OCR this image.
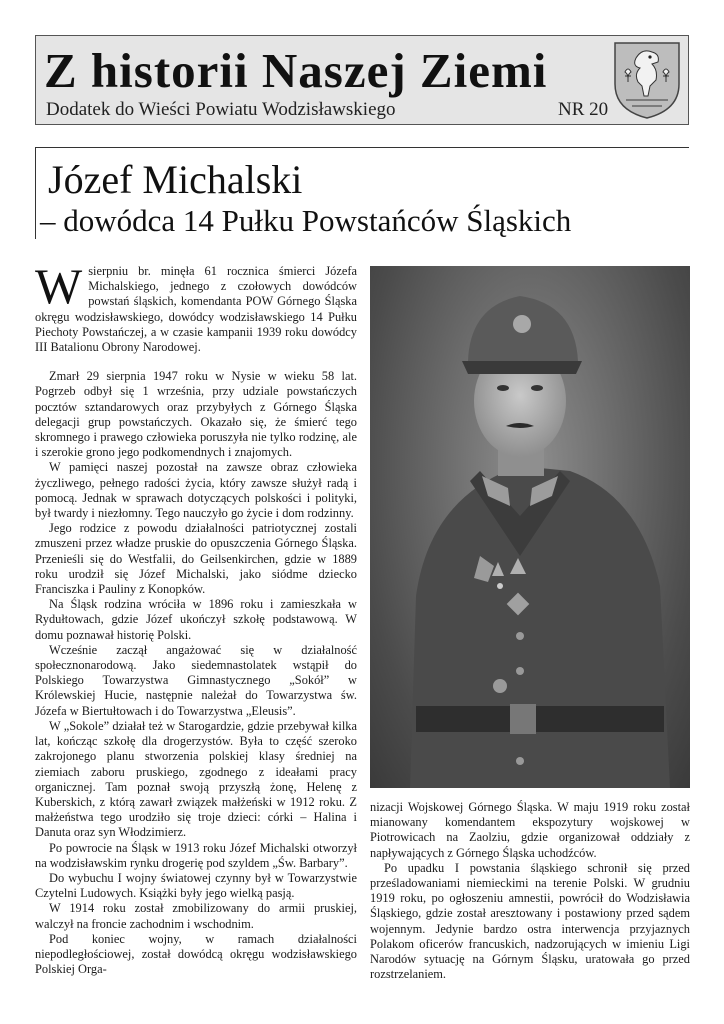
Z historii Naszej Ziemi
Dodatek do Wieści Powiatu Wodzisławskiego	NR 20
Józef Michalski
– dowódca 14 Pułku Powstańców Śląskich

Wsierpniu br. minęła 61 rocznica śmierci Józefa Michalskiego, jednego z czołowych dowódców powstań śląskich, komendanta POW Górnego Śląska okręgu wodzisławskiego, dowódcy wodzisławskiego 14 Pułku Piechoty Powstańczej, a w czasie kampanii 1939 roku dowódcy III Batalionu Obrony Narodowej.

Zmarł 29 sierpnia 1947 roku w Nysie w wieku 58 lat. Pogrzeb odbył się 1 września, przy udziale powstańczych pocztów sztandarowych oraz przybyłych z Górnego Śląska delegacji grup powstańczych. Okazało się, że śmierć tego skromnego i prawego człowieka poruszyła nie tylko rodzinę, ale i szerokie grono jego podkomendnych i znajomych.

W pamięci naszej pozostał na zawsze obraz człowieka życzliwego, pełnego radości życia, który zawsze służył radą i pomocą. Jednak w sprawach dotyczących polskości i polityki, był twardy i niezłomny. Tego nauczyło go życie i dom rodzinny.

Jego rodzice z powodu działalności patriotycznej zostali zmuszeni przez władze pruskie do opuszczenia Górnego Śląska. Przenieśli się do Westfalii, do Geilsenkirchen, gdzie w 1889 roku urodził się Józef Michalski, jako siódme dziecko Franciszka i Pauliny z Konopków.

Na Śląsk rodzina wróciła w 1896 roku i zamieszkała w Rydułtowach, gdzie Józef ukończył szkołę podstawową. W domu poznawał historię Polski.

Wcześnie zaczął angażować się w działalność społecznonarodową. Jako siedemnastolatek wstąpił do Polskiego Towarzystwa Gimnastycznego „Sokół” w Królewskiej Hucie, następnie należał do Towarzystwa św. Józefa w Biertułtowach i do Towarzystwa „Eleusis”.

W „Sokole” działał też w Starogardzie, gdzie przebywał kilka lat, kończąc szkołę dla drogerzystów. Była to część szeroko zakrojonego planu stworzenia polskiej klasy średniej na ziemiach zaboru pruskiego, zgodnego z ideałami pracy organicznej. Tam poznał swoją przyszłą żonę, Helenę z Kuberskich, z którą zawarł związek małżeński w 1912 roku. Z małżeństwa tego urodziło się troje dzieci: córki – Halina i Danuta oraz syn Włodzimierz.

Po powrocie na Śląsk w 1913 roku Józef Michalski otworzył na wodzisławskim rynku drogerię pod szyldem „Św. Barbary”.

Do wybuchu I wojny światowej czynny był w Towarzystwie Czytelni Ludowych. Książki były jego wielką pasją.

W 1914 roku został zmobilizowany do armii pruskiej, walczył na froncie zachodnim i wschodnim.

Pod koniec wojny, w ramach działalności niepodległościowej, został dowódcą okręgu wodzisławskiego Polskiej Orga-

nizacji Wojskowej Górnego Śląska. W maju 1919 roku został mianowany komendantem ekspozytury wojskowej w Piotrowicach na Zaolziu, gdzie organizował oddziały z napływających z Górnego Śląska uchodźców.

Po upadku I powstania śląskiego schronił się przed prześladowaniami niemieckimi na terenie Polski. W grudniu 1919 roku, po ogłoszeniu amnestii, powrócił do Wodzisławia Śląskiego, gdzie został aresztowany i postawiony przed sądem wojennym. Jedynie bardzo ostra interwencja przyjaznych Polakom oficerów francuskich, nadzorujących w imieniu Ligi Narodów sytuację na Górnym Śląsku, uratowała go przed rozstrzelaniem.
